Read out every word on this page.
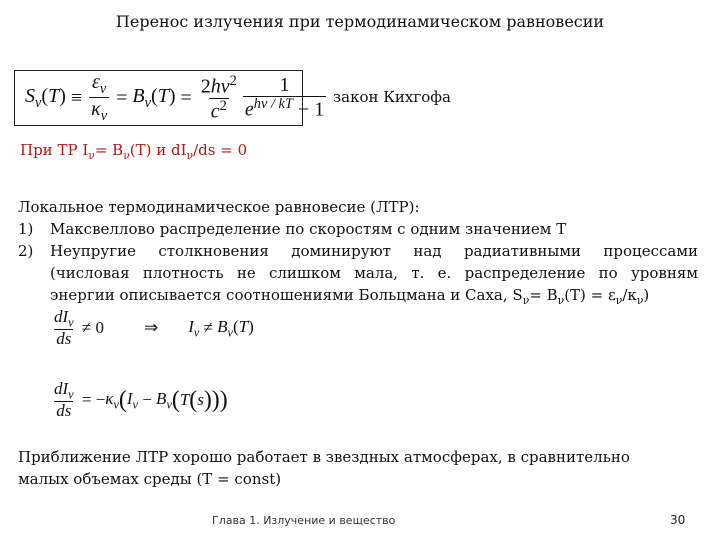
Перенос излучения при термодинамическом равновесии
$S_\nu(T) \equiv \frac{\varepsilon_\nu}{\kappa_\nu} = B_\nu(T) = \frac{2h\nu^2}{c^2} \frac{1}{e^{h\nu / kT} - 1}$ закон Кихгофа
При ТР $I_\nu= B_\nu(T)$ и $dI_\nu/ds = 0$
Локальное термодинамическое равновесие (ЛТР):
1)	Максвеллово распределение по скоростям с одним значением T
2)	Неупругие столкновения доминируют над радиативными процессами
(числовая плотность не слишком мала, т. е. распределение по уровням
энергии описывается соотношениями Больцмана и Саха, $S_\nu= B_\nu(T) = \varepsilon_\nu/\kappa_\nu$)
$\frac{dI_\nu}{ds} \ne 0$ ⇒ $I_\nu \ne B_\nu(T)$
$\frac{dI_\nu}{ds}$ = − $\kappa_\nu$ ( $I_\nu - B_\nu$ ( T ( s )))
Приближение ЛТР хорошо работает в звездных атмосферах, в сравнительно
малых объемах среды (T = const)
Глава 1. Излучение и вещество	30
